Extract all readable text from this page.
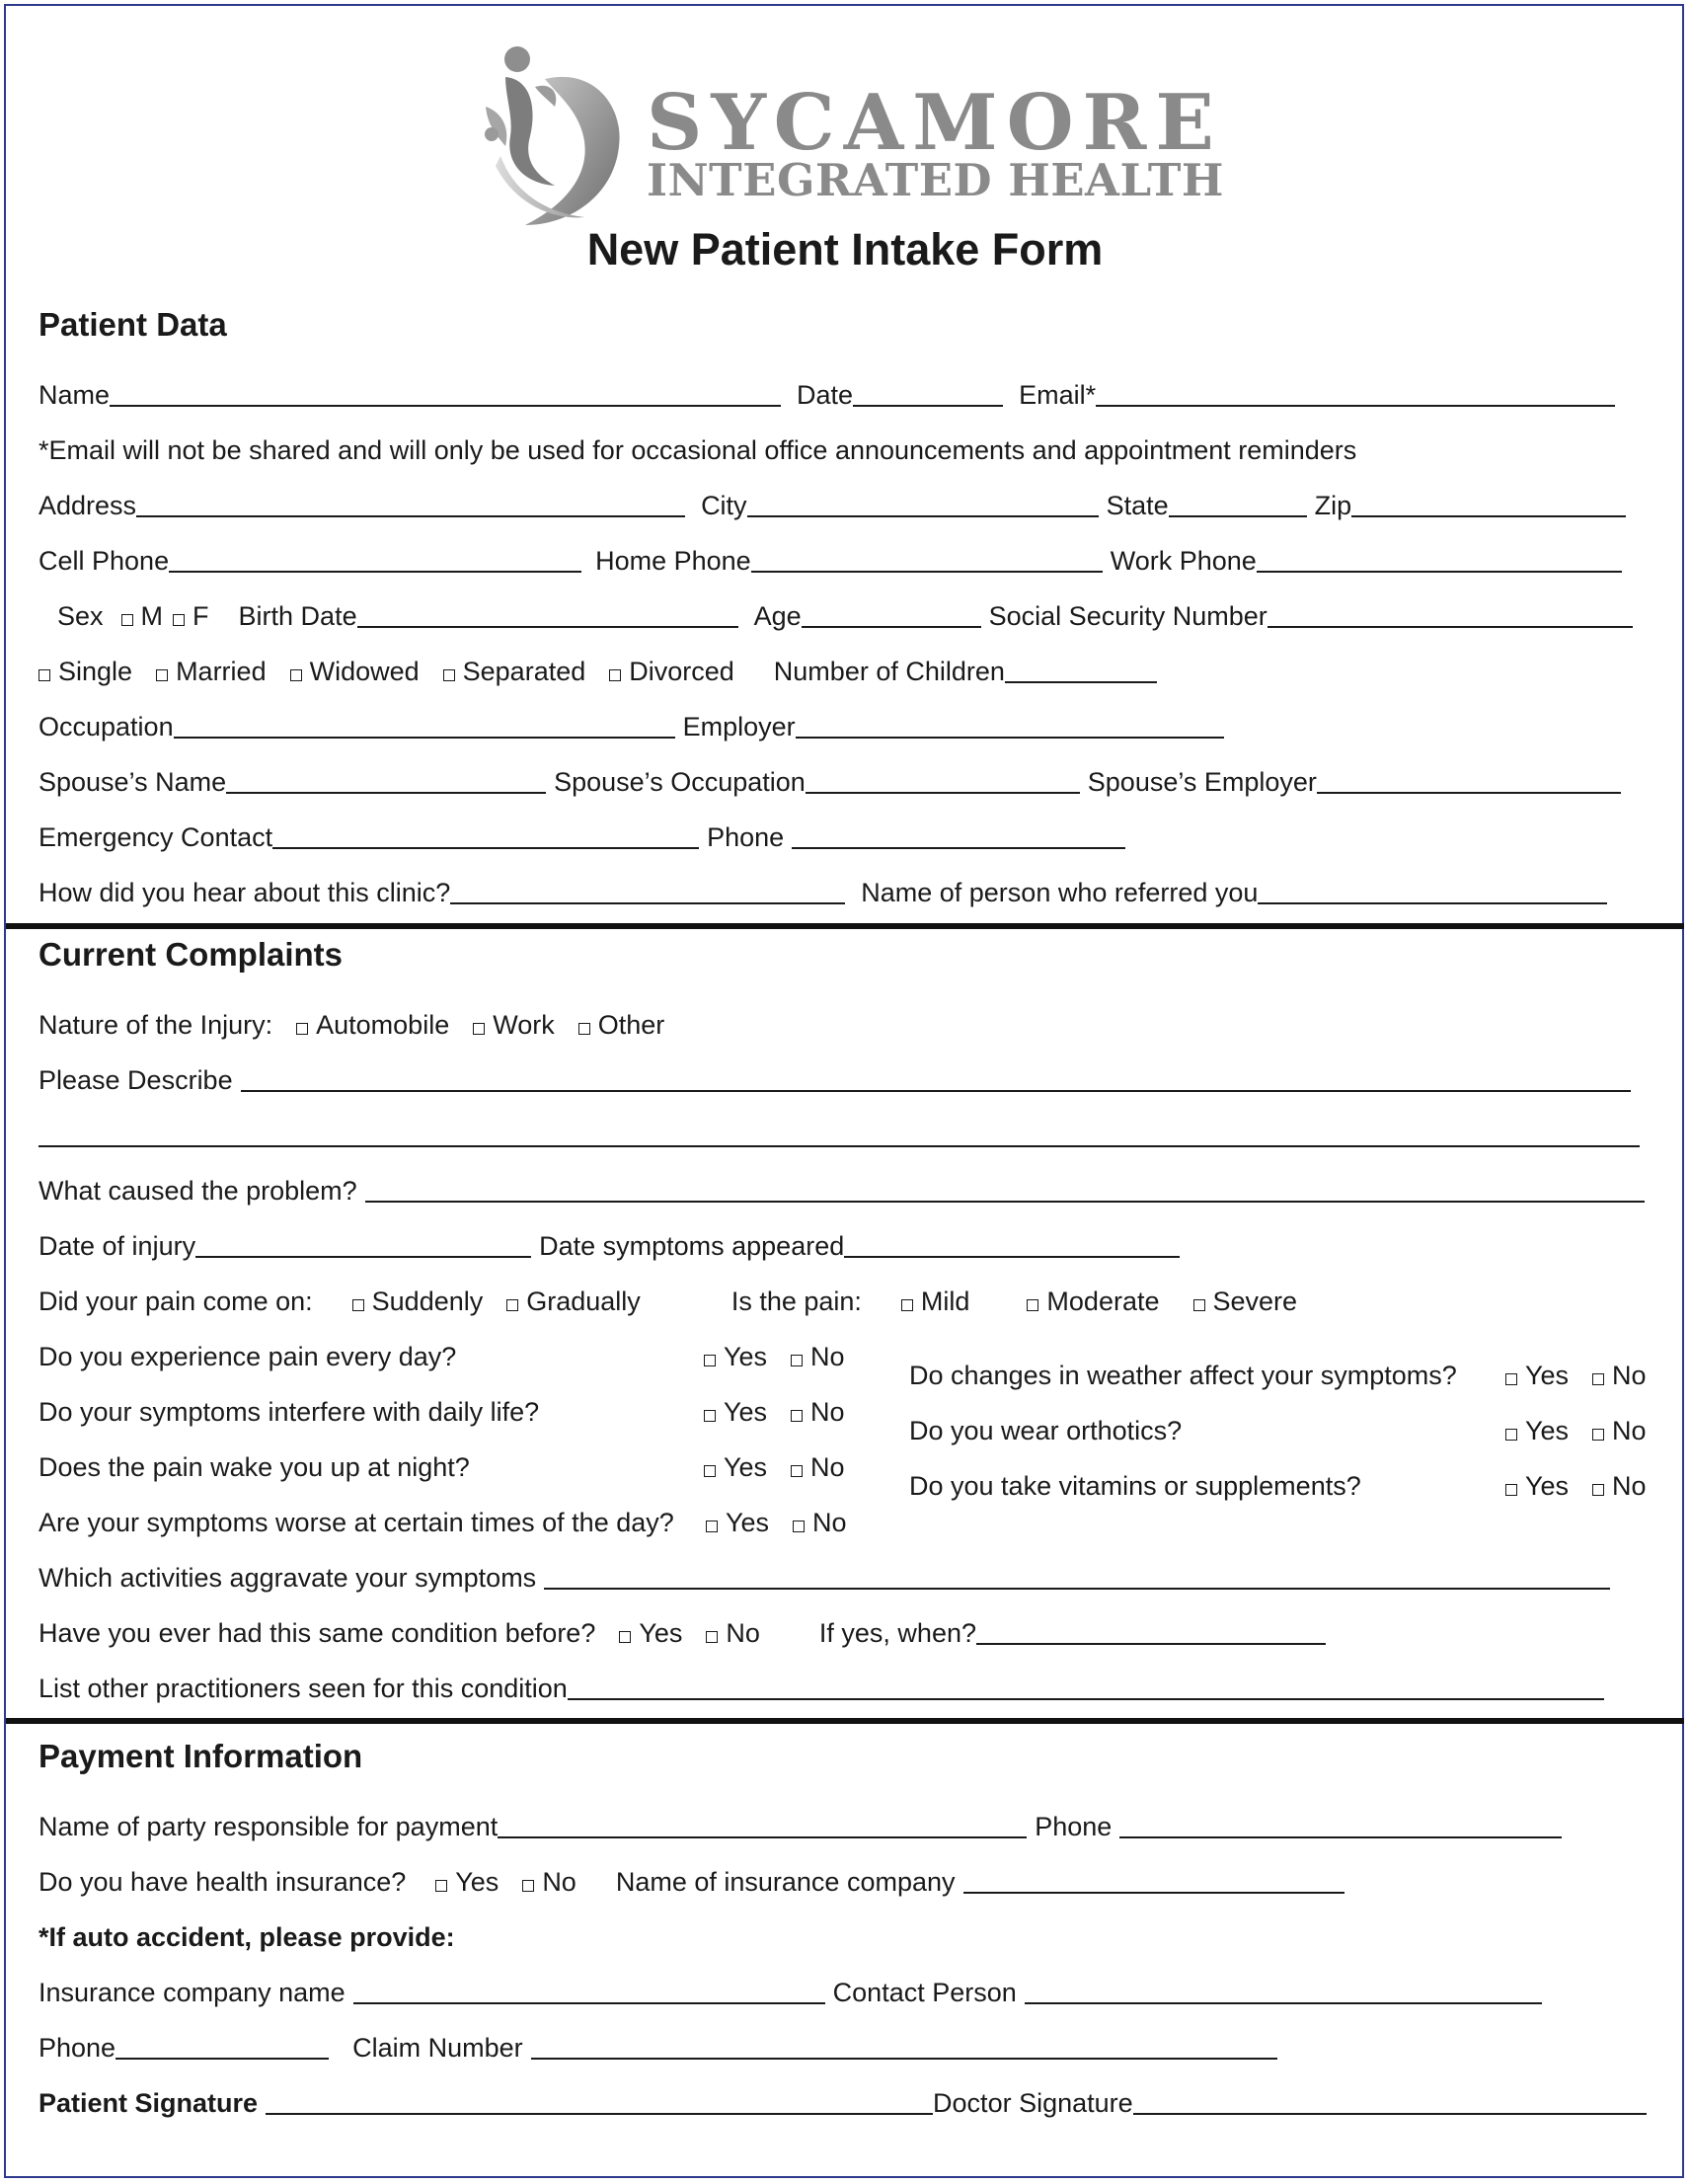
SYCAMORE
INTEGRATED HEALTH
New Patient Intake Form
Patient Data
Name	Date	Email*
*Email will not be shared and will only be used for occasional office announcements and appointment reminders
Address	City	State	Zip
Cell Phone	Home Phone	Work Phone
Sex M F Birth Date	Age	Social Security Number
Single Married Widowed Separated Divorced Number of Children
Occupation	Employer
Spouse’s Name	Spouse’s Occupation	Spouse’s Employer
Emergency Contact	Phone
How did you hear about this clinic?	Name of person who referred you
Current Complaints
Nature of the Injury: Automobile Work Other
Please Describe
What caused the problem?
Date of injury	Date symptoms appeared
Did your pain come on: Suddenly Gradually	Is the pain: Mild	Moderate Severe
Do you experience pain every day?	Yes No
Do your symptoms interfere with daily life?	Yes No
Does the pain wake you up at night?	Yes No
Are your symptoms worse at certain times of the day?	Yes No
Do changes in weather affect your symptoms?	Yes No
Do you wear orthotics?	Yes No
Do you take vitamins or supplements?	Yes No
Which activities aggravate your symptoms
Have you ever had this same condition before? Yes No If yes, when?
List other practitioners seen for this condition
Payment Information
Name of party responsible for payment	Phone
Do you have health insurance? Yes No Name of insurance company
*If auto accident, please provide:
Insurance company name	Contact Person
Phone	Claim Number
Patient Signature	Doctor Signature
